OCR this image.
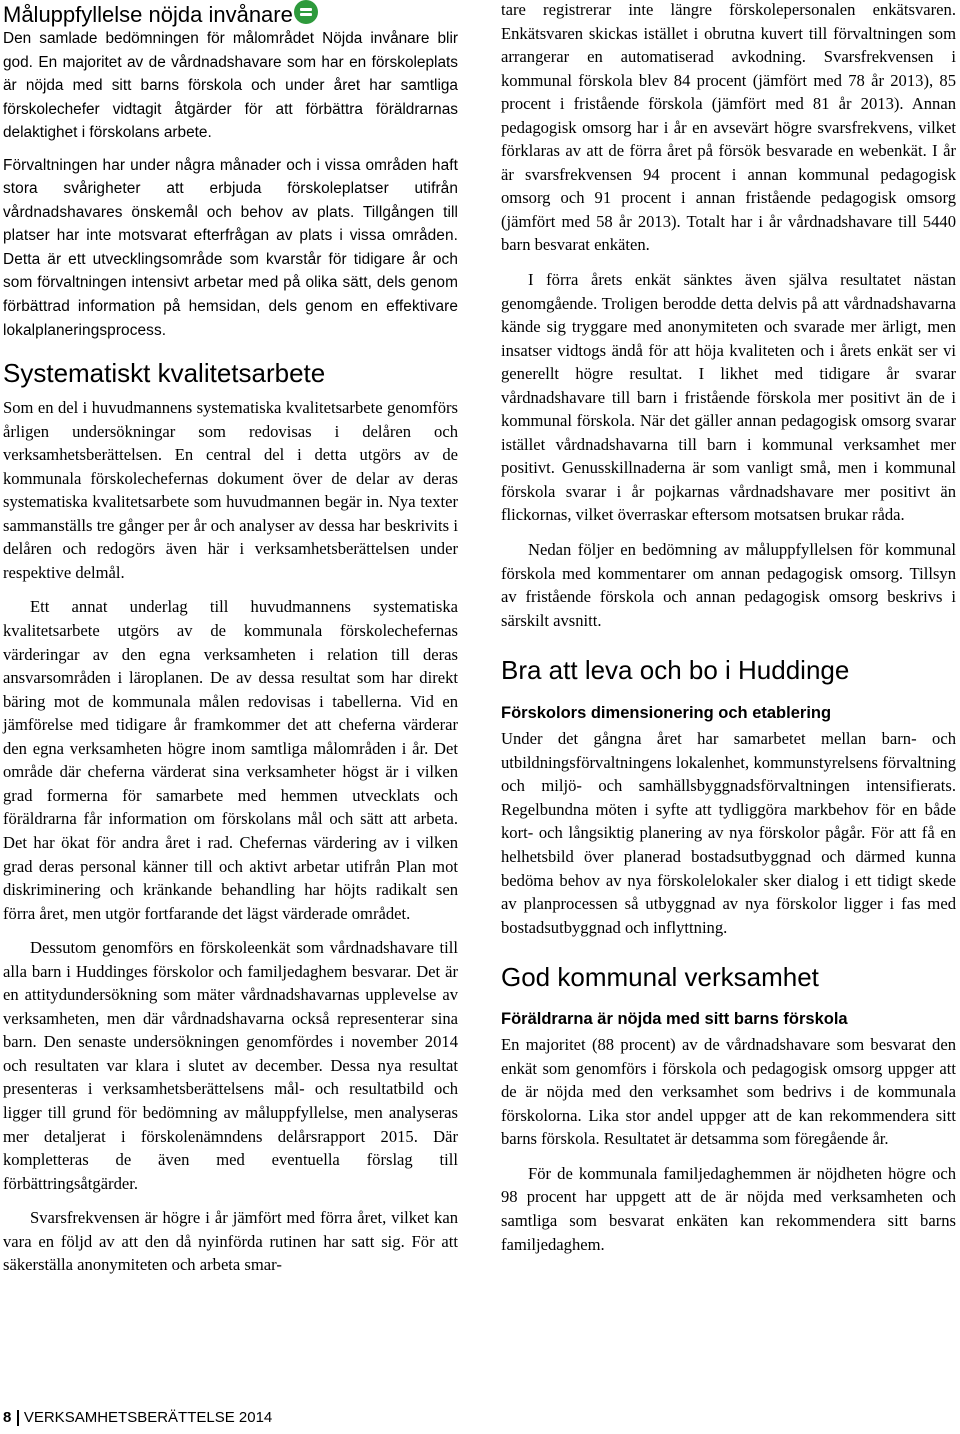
Måluppfyllelse nöjda invånare

Den samlade bedömningen för målområdet Nöjda invånare blir god. En majoritet av de vårdnadshavare som har en förskoleplats är nöjda med sitt barns förskola och under året har samtliga förskolechefer vidtagit åtgärder för att förbättra föräldrarnas delaktighet i förskolans arbete.

Förvaltningen har under några månader och i vissa områden haft stora svårigheter att erbjuda förskoleplatser utifrån vårdnadshavares önskemål och behov av plats. Tillgången till platser har inte motsvarat efterfrågan av plats i vissa områden. Detta är ett utvecklingsområde som kvarstår för tidigare år och som förvaltningen intensivt arbetar med på olika sätt, dels genom förbättrad information på hemsidan, dels genom en effektivare lokalplaneringsprocess.

Systematiskt kvalitetsarbete

Som en del i huvudmannens systematiska kvalitetsarbete genomförs årligen undersökningar som redovisas i delåren och verksamhetsberättelsen. En central del i detta utgörs av de kommunala förskolechefernas dokument över de delar av deras systematiska kvalitetsarbete som huvudmannen begär in. Nya texter sammanställs tre gånger per år och analyser av dessa har beskrivits i delåren och redogörs även här i verksamhetsberättelsen under respektive delmål.

Ett annat underlag till huvudmannens systematiska kvalitetsarbete utgörs av de kommunala förskolechefernas värderingar av den egna verksamheten i relation till deras ansvarsområden i läroplanen. De av dessa resultat som har direkt bäring mot de kommunala målen redovisas i tabellerna. Vid en jämförelse med tidigare år framkommer det att cheferna värderar den egna verksamheten högre inom samtliga målområden i år. Det område där cheferna värderat sina verksamheter högst är i vilken grad formerna för samarbete med hemmen utvecklats och föräldrarna får information om förskolans mål och sätt att arbeta. Det har ökat för andra året i rad. Chefernas värdering av i vilken grad deras personal känner till och aktivt arbetar utifrån Plan mot diskriminering och kränkande behandling har höjts radikalt sen förra året, men utgör fortfarande det lägst värderade området.

Dessutom genomförs en förskoleenkät som vårdnadshavare till alla barn i Huddinges förskolor och familjedaghem besvarar. Det är en attitydundersökning som mäter vårdnadshavarnas upplevelse av verksamheten, men där vårdnadshavarna också representerar sina barn. Den senaste undersökningen genomfördes i november 2014 och resultaten var klara i slutet av december. Dessa nya resultat presenteras i verksamhetsberättelsens mål- och resultatbild och ligger till grund för bedömning av måluppfyllelse, men analyseras mer detaljerat i förskolenämndens delårsrapport 2015. Där kompletteras de även med eventuella förslag till förbättringsåtgärder.

Svarsfrekvensen är högre i år jämfört med förra året, vilket kan vara en följd av att den då nyinförda rutinen har satt sig. För att säkerställa anonymiteten och arbeta smar-

tare registrerar inte längre förskolepersonalen enkätsvaren. Enkätsvaren skickas istället i obrutna kuvert till förvaltningen som arrangerar en automatiserad avkodning. Svarsfrekvensen i kommunal förskola blev 84 procent (jämfört med 78 år 2013), 85 procent i fristående förskola (jämfört med 81 år 2013). Annan pedagogisk omsorg har i år en avsevärt högre svarsfrekvens, vilket förklaras av att de förra året på försök besvarade en webenkät. I år är svarsfrekvensen 94 procent i annan kommunal pedagogisk omsorg och 91 procent i annan fristående pedagogisk omsorg (jämfört med 58 år 2013). Totalt har i år vårdnadshavare till 5440 barn besvarat enkäten.

I förra årets enkät sänktes även själva resultatet nästan genomgående. Troligen berodde detta delvis på att vårdnadshavarna kände sig tryggare med anonymiteten och svarade mer ärligt, men insatser vidtogs ändå för att höja kvaliteten och i årets enkät ser vi generellt högre resultat. I likhet med tidigare år svarar vårdnadshavare till barn i fristående förskola mer positivt än de i kommunal förskola. När det gäller annan pedagogisk omsorg svarar istället vårdnadshavarna till barn i kommunal verksamhet mer positivt. Genusskillnaderna är som vanligt små, men i kommunal förskola svarar i år pojkarnas vårdnadshavare mer positivt än flickornas, vilket överraskar eftersom motsatsen brukar råda.

Nedan följer en bedömning av måluppfyllelsen för kommunal förskola med kommentarer om annan pedagogisk omsorg. Tillsyn av fristående förskola och annan pedagogisk omsorg beskrivs i särskilt avsnitt.

Bra att leva och bo i Huddinge
Förskolors dimensionering och etablering

Under det gångna året har samarbetet mellan barn- och utbildningsförvaltningens lokalenhet, kommunstyrelsens förvaltning och miljö- och samhällsbyggnadsförvaltningen intensifierats. Regelbundna möten i syfte att tydliggöra markbehov för en både kort- och långsiktig planering av nya förskolor pågår. För att få en helhetsbild över planerad bostadsutbyggnad och därmed kunna bedöma behov av nya förskolelokaler sker dialog i ett tidigt skede av planprocessen så utbyggnad av nya förskolor ligger i fas med bostadsutbyggnad och inflyttning.

God kommunal verksamhet
Föräldrarna är nöjda med sitt barns förskola

En majoritet (88 procent) av de vårdnadshavare som besvarat den enkät som genomförs i förskola och pedagogisk omsorg uppger att de är nöjda med den verksamhet som bedrivs i de kommunala förskolorna. Lika stor andel uppger att de kan rekommendera sitt barns förskola. Resultatet är detsamma som föregående år.

För de kommunala familjedaghemmen är nöjdheten högre och 98 procent har uppgett att de är nöjda med verksamheten och samtliga som besvarat enkäten kan rekommendera sitt barns familjedaghem.

8 VERKSAMHETSBERÄTTELSE 2014
